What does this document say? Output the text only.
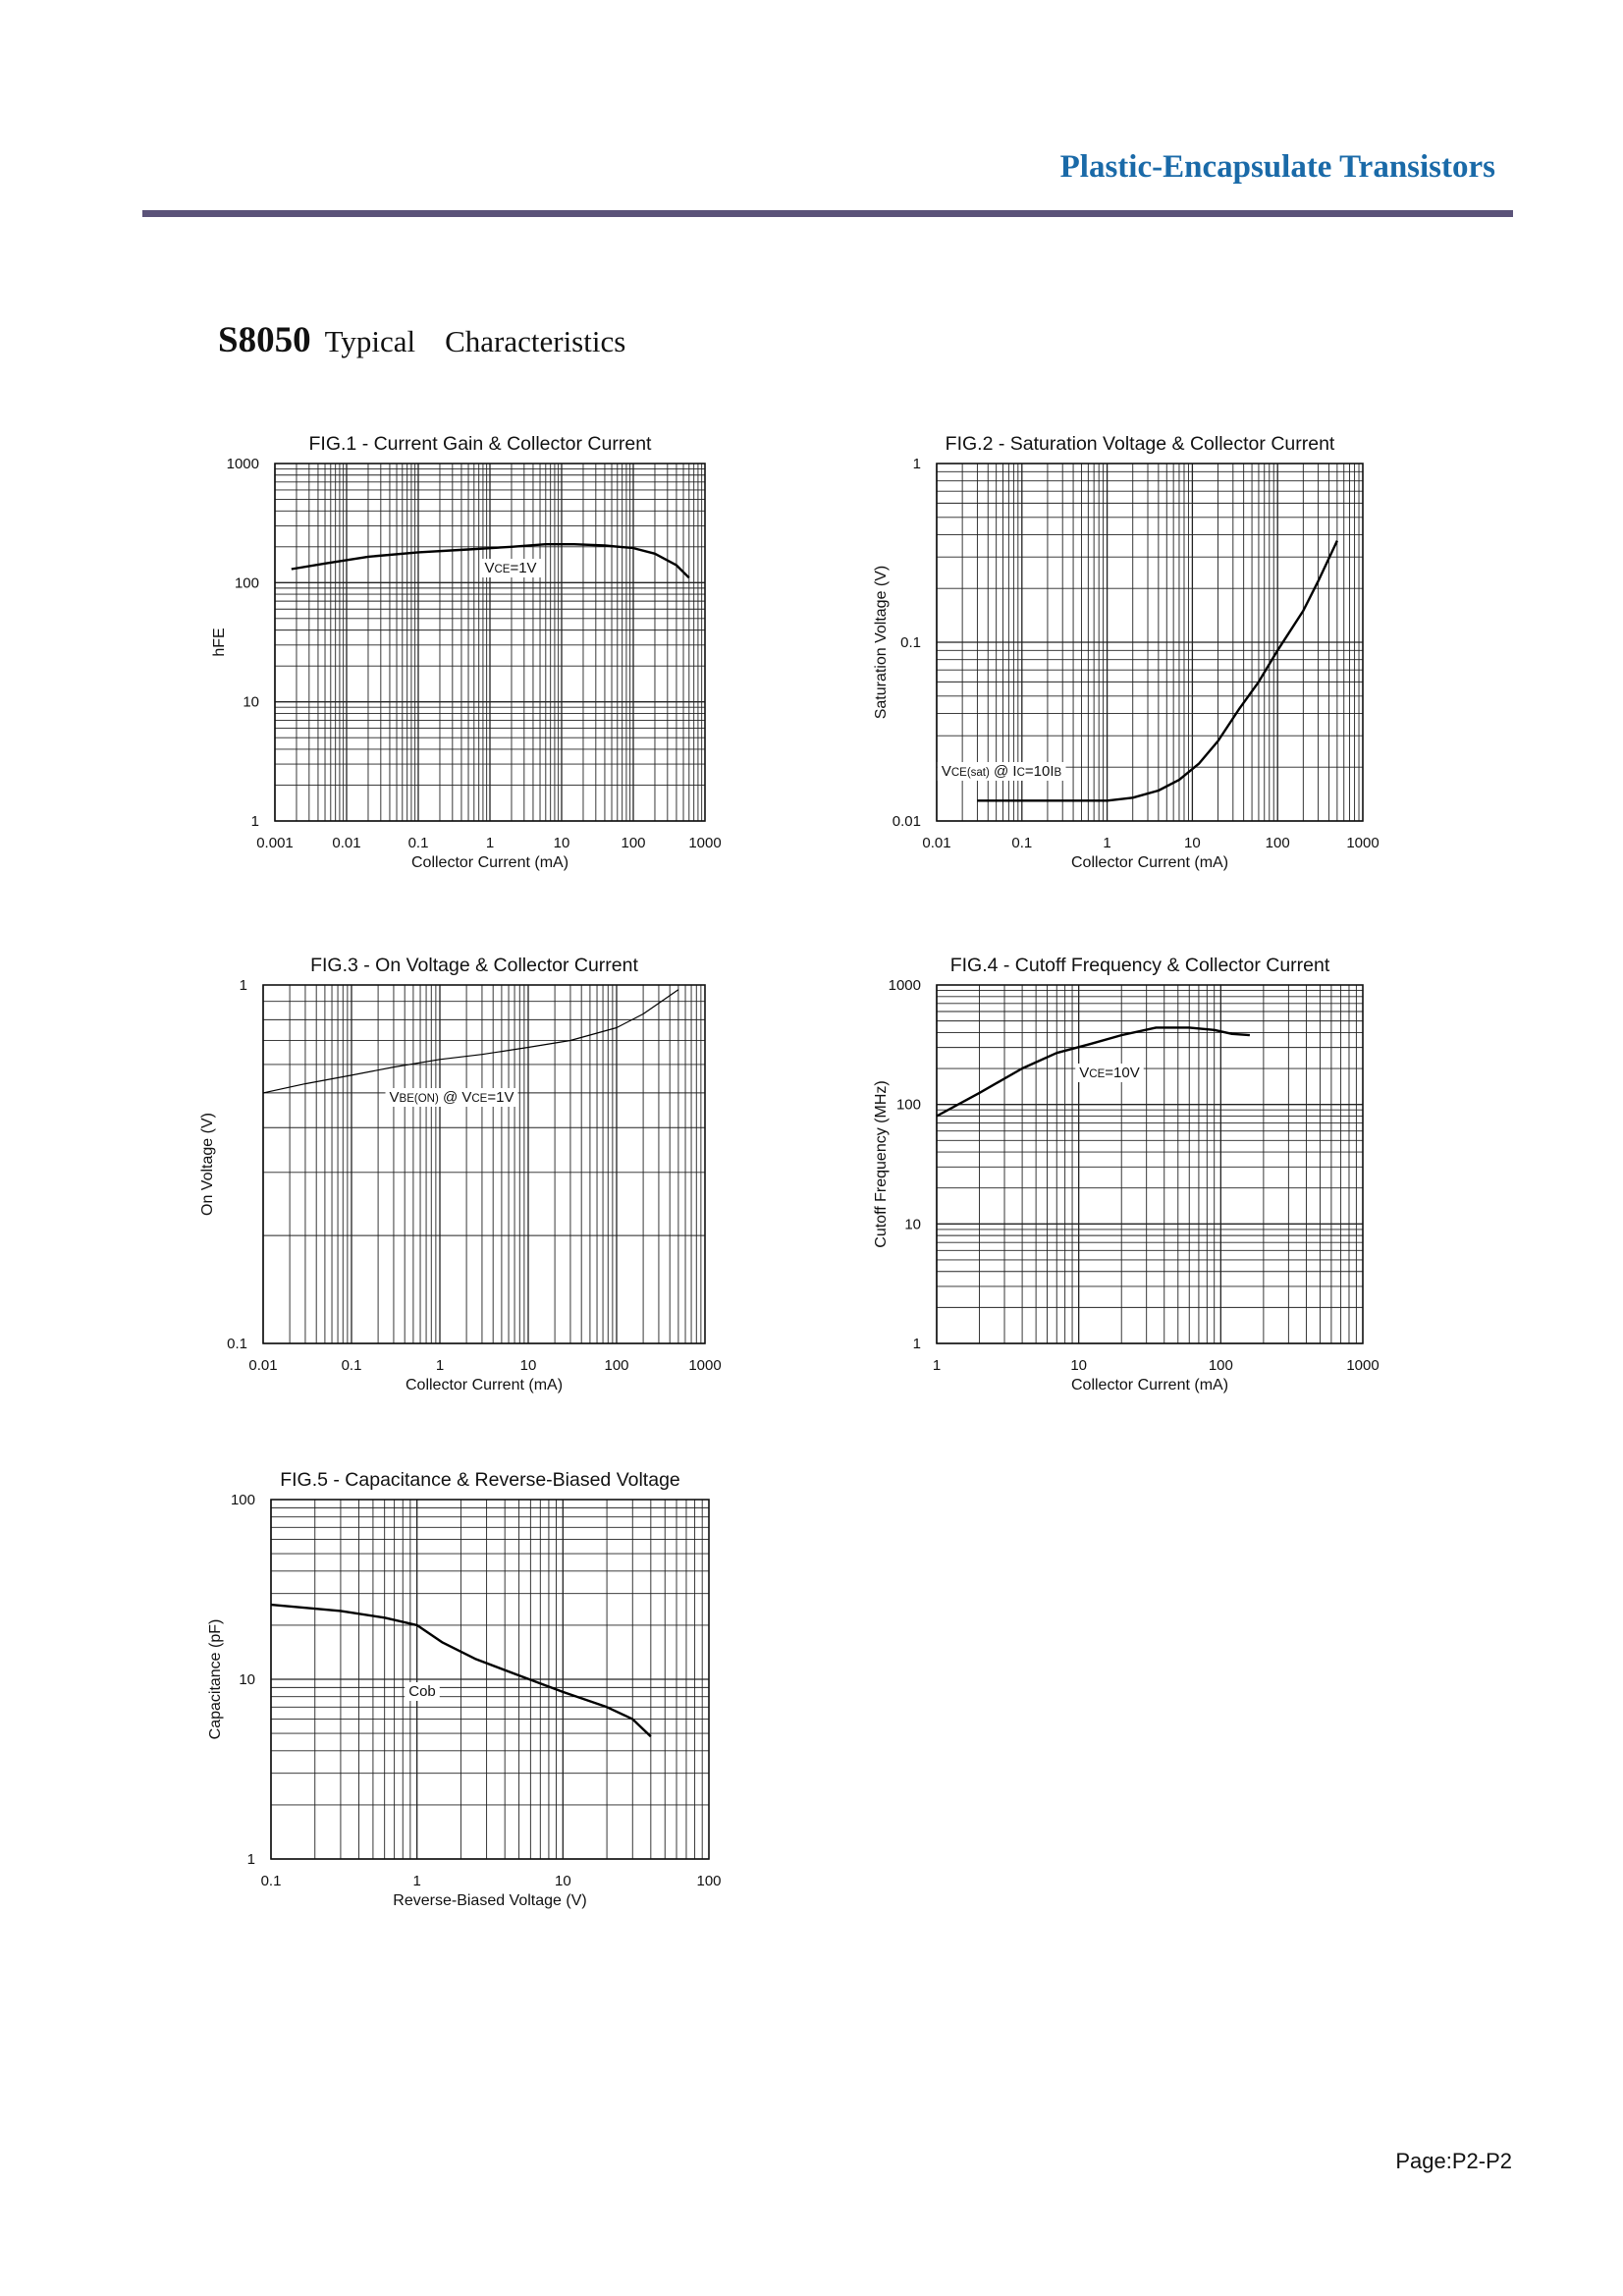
Plastic-Encapsulate Transistors
S8050 Typical Characteristics
0.001	0.01	0.1	1	10	100	1000
1
10
100
1000
FIG.1 - Current Gain & Collector Current
Collector Current (mA)
hFE
VCE=1V
0.01	0.1	1	10	100	1000
0.01
0.1
1
FIG.2 - Saturation Voltage & Collector Current
Collector Current (mA)
Saturation Voltage (V)
VCE(sat) @ IC=10IB
0.01	0.1	1	10	100	1000
0.1
1
FIG.3 - On Voltage & Collector Current
Collector Current (mA)
On Voltage (V)
VBE(ON) @ VCE=1V
1	10	100	1000
1
10
100
1000
FIG.4 - Cutoff Frequency & Collector Current
Collector Current (mA)
Cutoff Frequency (MHz)
VCE=10V
0.1	1	10	100
1
10
100
FIG.5 - Capacitance & Reverse-Biased Voltage
Reverse-Biased Voltage (V)
Capacitance (pF)	Cob
Page:P2-P2
